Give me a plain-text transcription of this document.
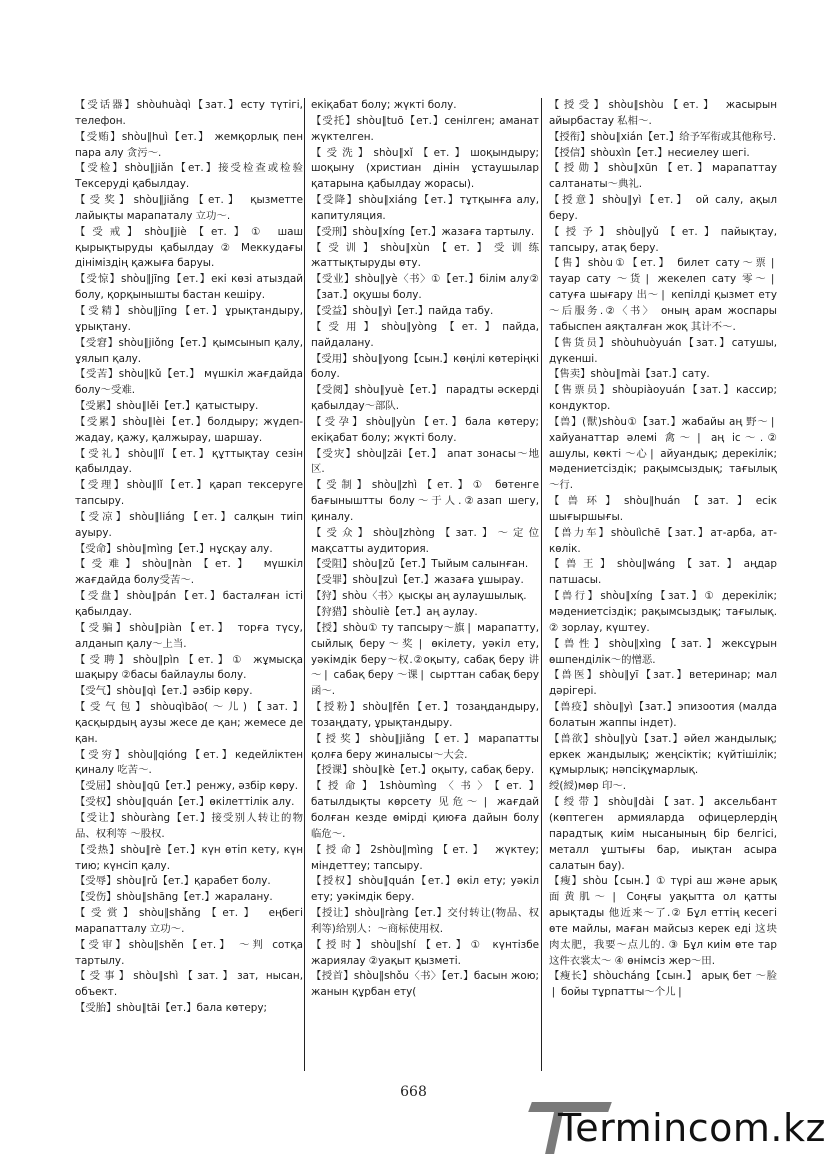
【受话器】shòuhuàqì【зат.】есту түтігі, телефон.

【受贿】shòu∥huì【ет.】 жемқорлық пен пара алу 贪污～.

【受检】shòu∥jiǎn【ет.】接受检查或检验 Тексеруді қабылдау.

【受奖】shòu∥jiǎng【ет.】 қызметте лайықты марапаталу 立功～.

【受戒】shòu∥jiè【ет.】① шаш қырықтыруды қабылдау ② Меккудағы дініміздің қажыға баруы.

【受惊】shòu∥jīng【ет.】екі көзі атыздай болу, қорқынышты бастан кешіру.

【受精】shòu∥jīng【ет.】ұрықтандыру, ұрықтану.

【受窘】shòu∥jiǒng【ет.】қымсынып қалу, ұялып қалу.

【受苦】shòu∥kǔ【ет.】 мүшкіл жағдайда болу～受难.

【受累】shòu∥lěi【ет.】қатыстыру.

【受累】shòu∥lèi【ет.】болдыру; жүдеп-жадау, қажу, қалжырау, шаршау.

【受礼】shòu∥lǐ【ет.】құттықтау сезін қабылдау.

【受理】shòu∥lǐ【ет.】қарап тексеруге тапсыру.

【受凉】shòu∥liáng【ет.】салқын тиіп ауыру.

【受命】shòu∥mìng【ет.】нұсқау алу.

【受难】shòu∥nàn【ет.】 мүшкіл жағдайда болу受苦～.

【受盘】shòu∥pán【ет.】басталған істі қабылдау.

【受骗】shòu∥piàn【ет.】 торға түсу, алданып қалу～上当.

【受聘】shòu∥pìn【ет.】① жұмысқа шақыру ②басы байлаулы болу.

【受气】shòu∥qì【ет.】әзбір көру.

【受气包】shòuqìbāo(～儿)【зат.】қасқырдың аузы жесе де қан; жемесе де қан.

【受穷】shòu∥qióng【ет.】кедейліктен қиналу 吃苦～.

【受屈】shòu∥qū【ет.】ренжу, әзбір көру.

【受权】shòu∥quán【ет.】өкілеттілік алу.

【受让】shòuràng【ет.】接受别人转让的物品、权利等 ～股权.

【受热】shòu∥rè【ет.】күн өтіп кету, күн тию; күнсіп қалу.

【受辱】shòu∥rǔ【ет.】қарабет болу.

【受伤】shòu∥shāng【ет.】жаралану.

【受赏】shòu∥shǎng【ет.】 еңбегі марапатталу 立功～.

【受审】shòu∥shěn【ет.】 ～判 сотқа тартылу.

【受事】shòu∥shì【зат.】зат, нысан, объект.

【受胎】shòu∥tāi【ет.】бала көтеру;

екіқабат болу; жүкті болу.

【受托】shòu∥tuō【ет.】сенілген; аманат жүктелген.

【受洗】shòu∥xǐ【ет.】шоқындыру; шоқыну (христиан дінін ұстаушылар қатарына қабылдау жорасы).

【受降】shòu∥xiáng【ет.】тұтқынға алу, капитуляция.

【受刑】shòu∥xíng【ет.】жазаға тартылу.

【受训】shòu∥xùn【ет.】受训练 жаттықтыруды өту.

【受业】shòu∥yè〈书〉①【ет.】білім алу②【зат.】оқушы болу.

【受益】shòu∥yì【ет.】пайда табу.

【受用】shòu∥yòng【ет.】пайда, пайдалану.

【受用】shòu∥yong【сын.】көңілі көтеріңкі болу.

【受阅】shòu∥yuè【ет.】 парадты әскерді қабылдау～部队.

【受孕】shòu∥yùn【ет.】бала көтеру; екіқабат болу; жүкті болу.

【受灾】shòu∥zāi【ет.】 апат зонасы～地区.

【受制】shòu∥zhì【ет.】① бөтенге бағыныштты болу～于人.②азап шегу, қиналу.

【受众】shòu∥zhòng【зат.】～定位 мақсатты аудитория.

【受阻】shòu∥zǔ【ет.】Тыйым салынған.

【受罪】shòu∥zuì【ет.】жазаға ұшырау.

【狩】shòu〈书〉қысқы аң аулаушылық.

【狩猎】shòuliè【ет.】аң аулау.

【授】shòu① ту тапсыру～旗❘ марапатту, сыйлық беру～奖❘ өкілету, уәкіл ету, уәкімдік беру～权.②оқыту, сабақ беру 讲～❘ сабақ беру ～课❘ сырттан сабақ беру 函～.

【授粉】shòu∥fěn【ет.】тозаңдандыру, тозаңдату, ұрықтандыру.

【授奖】shòu∥jiǎng【ет.】марапатты қолға беру жиналысы～大会.

【授课】shòu∥kè【ет.】оқыту, сабақ беру.

【授命】1shòumìng〈书〉【ет.】батылдықты көрсету 见危～❘ жағдай болған кезде өмірді қиюға дайын болу 临危～.

【授命】2shòu∥mìng【ет.】 жүктеу; міндеттеу; тапсыру.

【授权】shòu∥quán【ет.】өкіл ету; уәкіл ету; уәкімдік беру.

【授让】shòu∥ràng【ет.】交付转让(物品、权利等)给别人：～商标使用权.

【授时】shòu∥shí【ет.】① күнтізбе жариялау ②уақыт қызметі.

【授首】shòu∥shǒu〈书〉【ет.】басын жою; жанын құрбан ету(

【授受】shòu∥shòu【ет.】 жасырын айырбастау 私相～.

【授衔】shòu∥xián【ет.】给予军衔或其他称号.

【授信】shòuxìn【ет.】несиелеу шегі.

【授勋】shòu∥xūn【ет.】марапаттау салтанаты～典礼.

【授意】shòu∥yì【ет.】 ой салу, ақыл беру.

【授予】shòu∥yǔ【ет.】пайықтау, тапсыру, атақ беру.

【售】shòu①【ет.】 билет сату～票❘ тауар сату ～货❘ жекелеп сату 零～❘ сатуға шығару 出～❘ кепілді қызмет ету ～后服务.②〈书〉 оның арам жоспары табыспен аяқталған жоқ 其计不～.

【售货员】shòuhuòyuán【зат.】сатушы, дүкенші.

【售卖】shòu∥mài【зат.】сату.

【售票员】shòupiàoyuán【зат.】кассир; кондуктор.

【兽】(獸)shòu①【зат.】жабайы аң 野～❘ хайуанаттар әлемі 禽～❘ аң іс～.② ашулы, көкті ～心❘ айуандық; дерекілік; мәдениетсіздік; рақымсыздық; тағылық～行.

【兽环】shòu∥huán【зат.】есік шығыршығы.

【兽力车】shòulìchē【зат.】ат-арба, ат-көлік.

【兽王】shòu∥wáng【зат.】аңдар патшасы.

【兽行】shòu∥xíng【зат.】① дерекілік; мәдениетсіздік; рақымсыздық; тағылық. ② зорлау, күштеу.

【兽性】shòu∥xìng【зат.】жексұрын өшпенділік～的憎恶.

【兽医】shòu∥yī【зат.】ветеринар; мал дәрігері.

【兽疫】shòu∥yì【зат.】эпизоотия (малда болатын жаппы індет).

【兽欲】shòu∥yù【зат.】әйел жандылық; еркек жандылық; жеңсіктік; күйтішілік; құмырлық; нәпсіқұмарлық.

绶(綬)мөр 印～.

【绶带】shòu∥dài【зат.】аксельбант (көптеген армияларда офицерлердің парадтық киім нысанының бір белгісі, металл ұштығы бар, иықтан асыра салатын бау).

【瘦】shòu【сын.】① түрі аш және арық 面黄肌～❘ Соңғы уақытта ол қатты арықтады 他近来～了.② Бұл еттің кесегі өте майлы, маған майсыз керек еді 这块肉太肥，我要～点儿的. ③ Бұл киім өте тар 这件衣裳太～ ④ өнімсіз жер～田.

【瘦长】shòucháng【сын.】 арық бет ～脸❘ бойы тұрпатты～个儿❘

668
Termincom.kz
